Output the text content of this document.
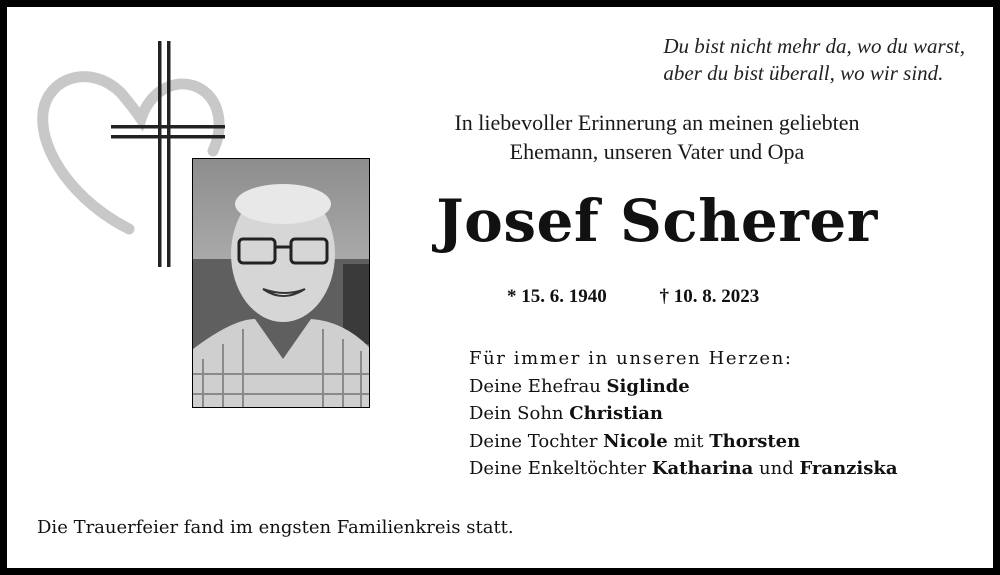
Du bist nicht mehr da, wo du warst,
aber du bist überall, wo wir sind.
In liebevoller Erinnerung an meinen geliebten
Ehemann, unseren Vater und Opa
Josef Scherer
* 15. 6. 1940	† 10. 8. 2023
Für immer in unseren Herzen:
Deine Ehefrau Siglinde
Dein Sohn Christian
Deine Tochter Nicole mit Thorsten
Deine Enkeltöchter Katharina und Franziska
Die Trauerfeier fand im engsten Familienkreis statt.
